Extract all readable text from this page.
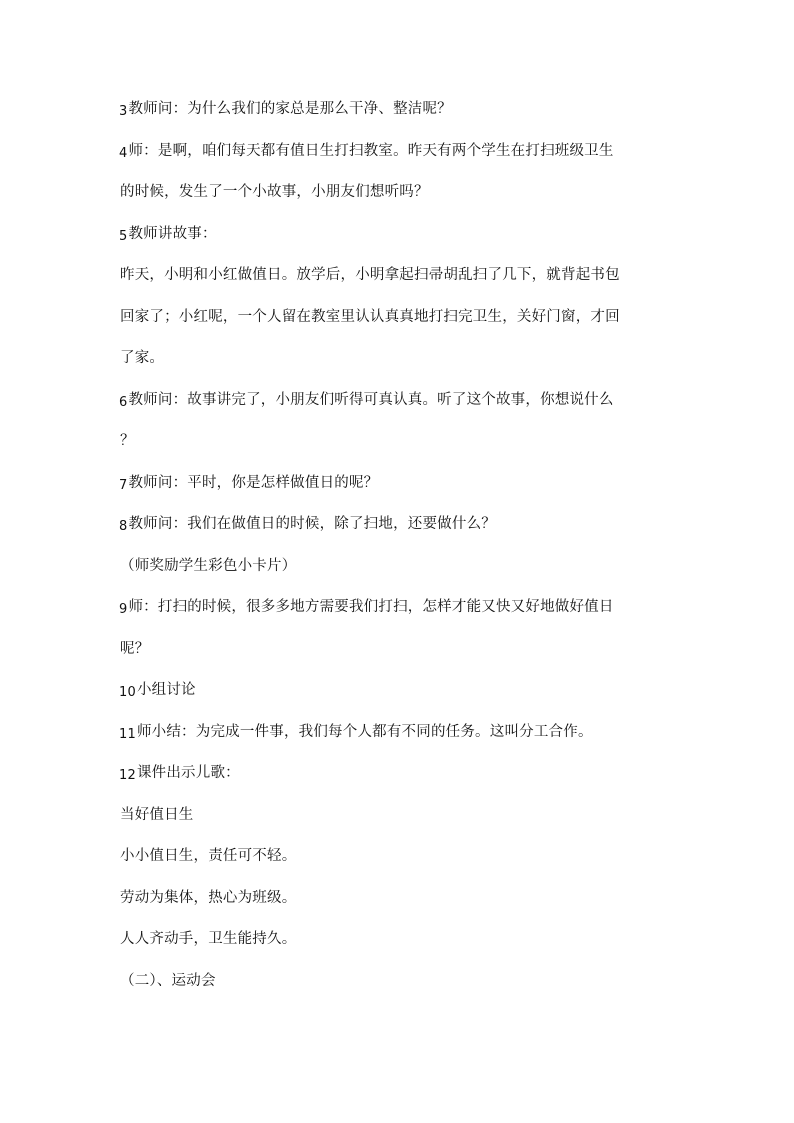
3教师问：为什么我们的家总是那么干净、整洁呢？
4师：是啊，咱们每天都有值日生打扫教室。昨天有两个学生在打扫班级卫生
的时候，发生了一个小故事，小朋友们想听吗？
5教师讲故事：
昨天，小明和小红做值日。放学后，小明拿起扫帚胡乱扫了几下，就背起书包
回家了；小红呢，一个人留在教室里认认真真地打扫完卫生，关好门窗，才回
了家。
6教师问：故事讲完了，小朋友们听得可真认真。听了这个故事，你想说什么
？
7教师问：平时，你是怎样做值日的呢？
8教师问：我们在做值日的时候，除了扫地，还要做什么？
（师奖励学生彩色小卡片）
9师：打扫的时候，很多多地方需要我们打扫，怎样才能又快又好地做好值日
呢？
10小组讨论
11师小结：为完成一件事，我们每个人都有不同的任务。这叫分工合作。
12课件出示儿歌：
当好值日生
小小值日生，责任可不轻。
劳动为集体，热心为班级。
人人齐动手，卫生能持久。
（二）、运动会
